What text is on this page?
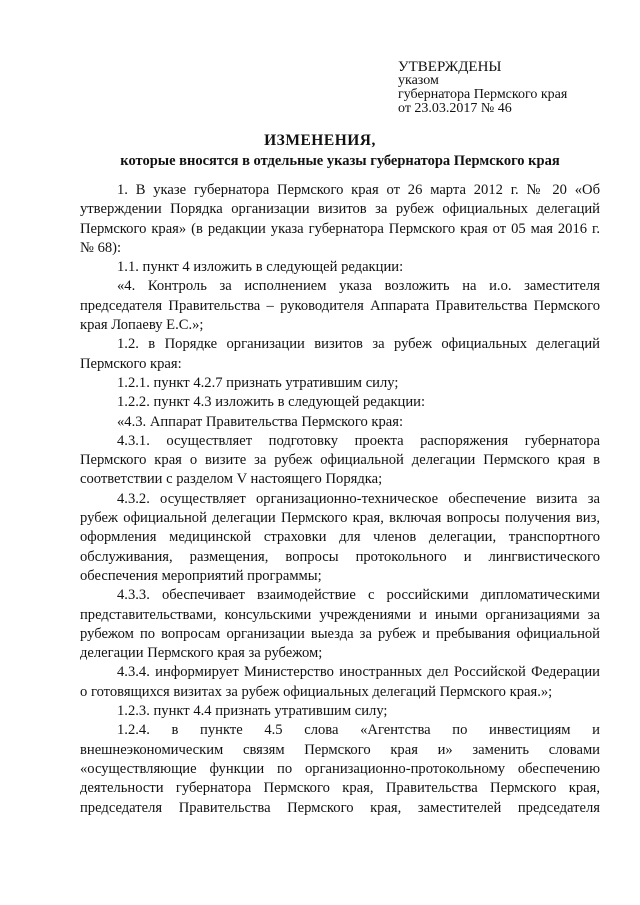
УТВЕРЖДЕНЫ
указом
губернатора Пермского края
от 23.03.2017 № 46
ИЗМЕНЕНИЯ,
которые вносятся в отдельные указы губернатора Пермского края

1. В указе губернатора Пермского края от 26 марта 2012 г. № 20 «Об утверждении Порядка организации визитов за рубеж официальных делегаций Пермского края» (в редакции указа губернатора Пермского края от 05 мая 2016 г. № 68):

1.1. пункт 4 изложить в следующей редакции:

«4. Контроль за исполнением указа возложить на и.о. заместителя председателя Правительства – руководителя Аппарата Правительства Пермского края Лопаеву Е.С.»;

1.2. в Порядке организации визитов за рубеж официальных делегаций Пермского края:

1.2.1. пункт 4.2.7 признать утратившим силу;

1.2.2. пункт 4.3 изложить в следующей редакции:

«4.3. Аппарат Правительства Пермского края:

4.3.1. осуществляет подготовку проекта распоряжения губернатора Пермского края о визите за рубеж официальной делегации Пермского края в соответствии с разделом V настоящего Порядка;

4.3.2. осуществляет организационно-техническое обеспечение визита за рубеж официальной делегации Пермского края, включая вопросы получения виз, оформления медицинской страховки для членов делегации, транспортного обслуживания, размещения, вопросы протокольного и лингвистического обеспечения мероприятий программы;

4.3.3. обеспечивает взаимодействие с российскими дипломатическими представительствами, консульскими учреждениями и иными организациями за рубежом по вопросам организации выезда за рубеж и пребывания официальной делегации Пермского края за рубежом;

4.3.4. информирует Министерство иностранных дел Российской Федерации о готовящихся визитах за рубеж официальных делегаций Пермского края.»;

1.2.3. пункт 4.4 признать утратившим силу;

1.2.4. в пункте 4.5 слова «Агентства по инвестициям и внешнеэкономическим связям Пермского края и» заменить словами «осуществляющие функции по организационно-протокольному обеспечению деятельности губернатора Пермского края, Правительства Пермского края, председателя Правительства Пермского края, заместителей председателя
